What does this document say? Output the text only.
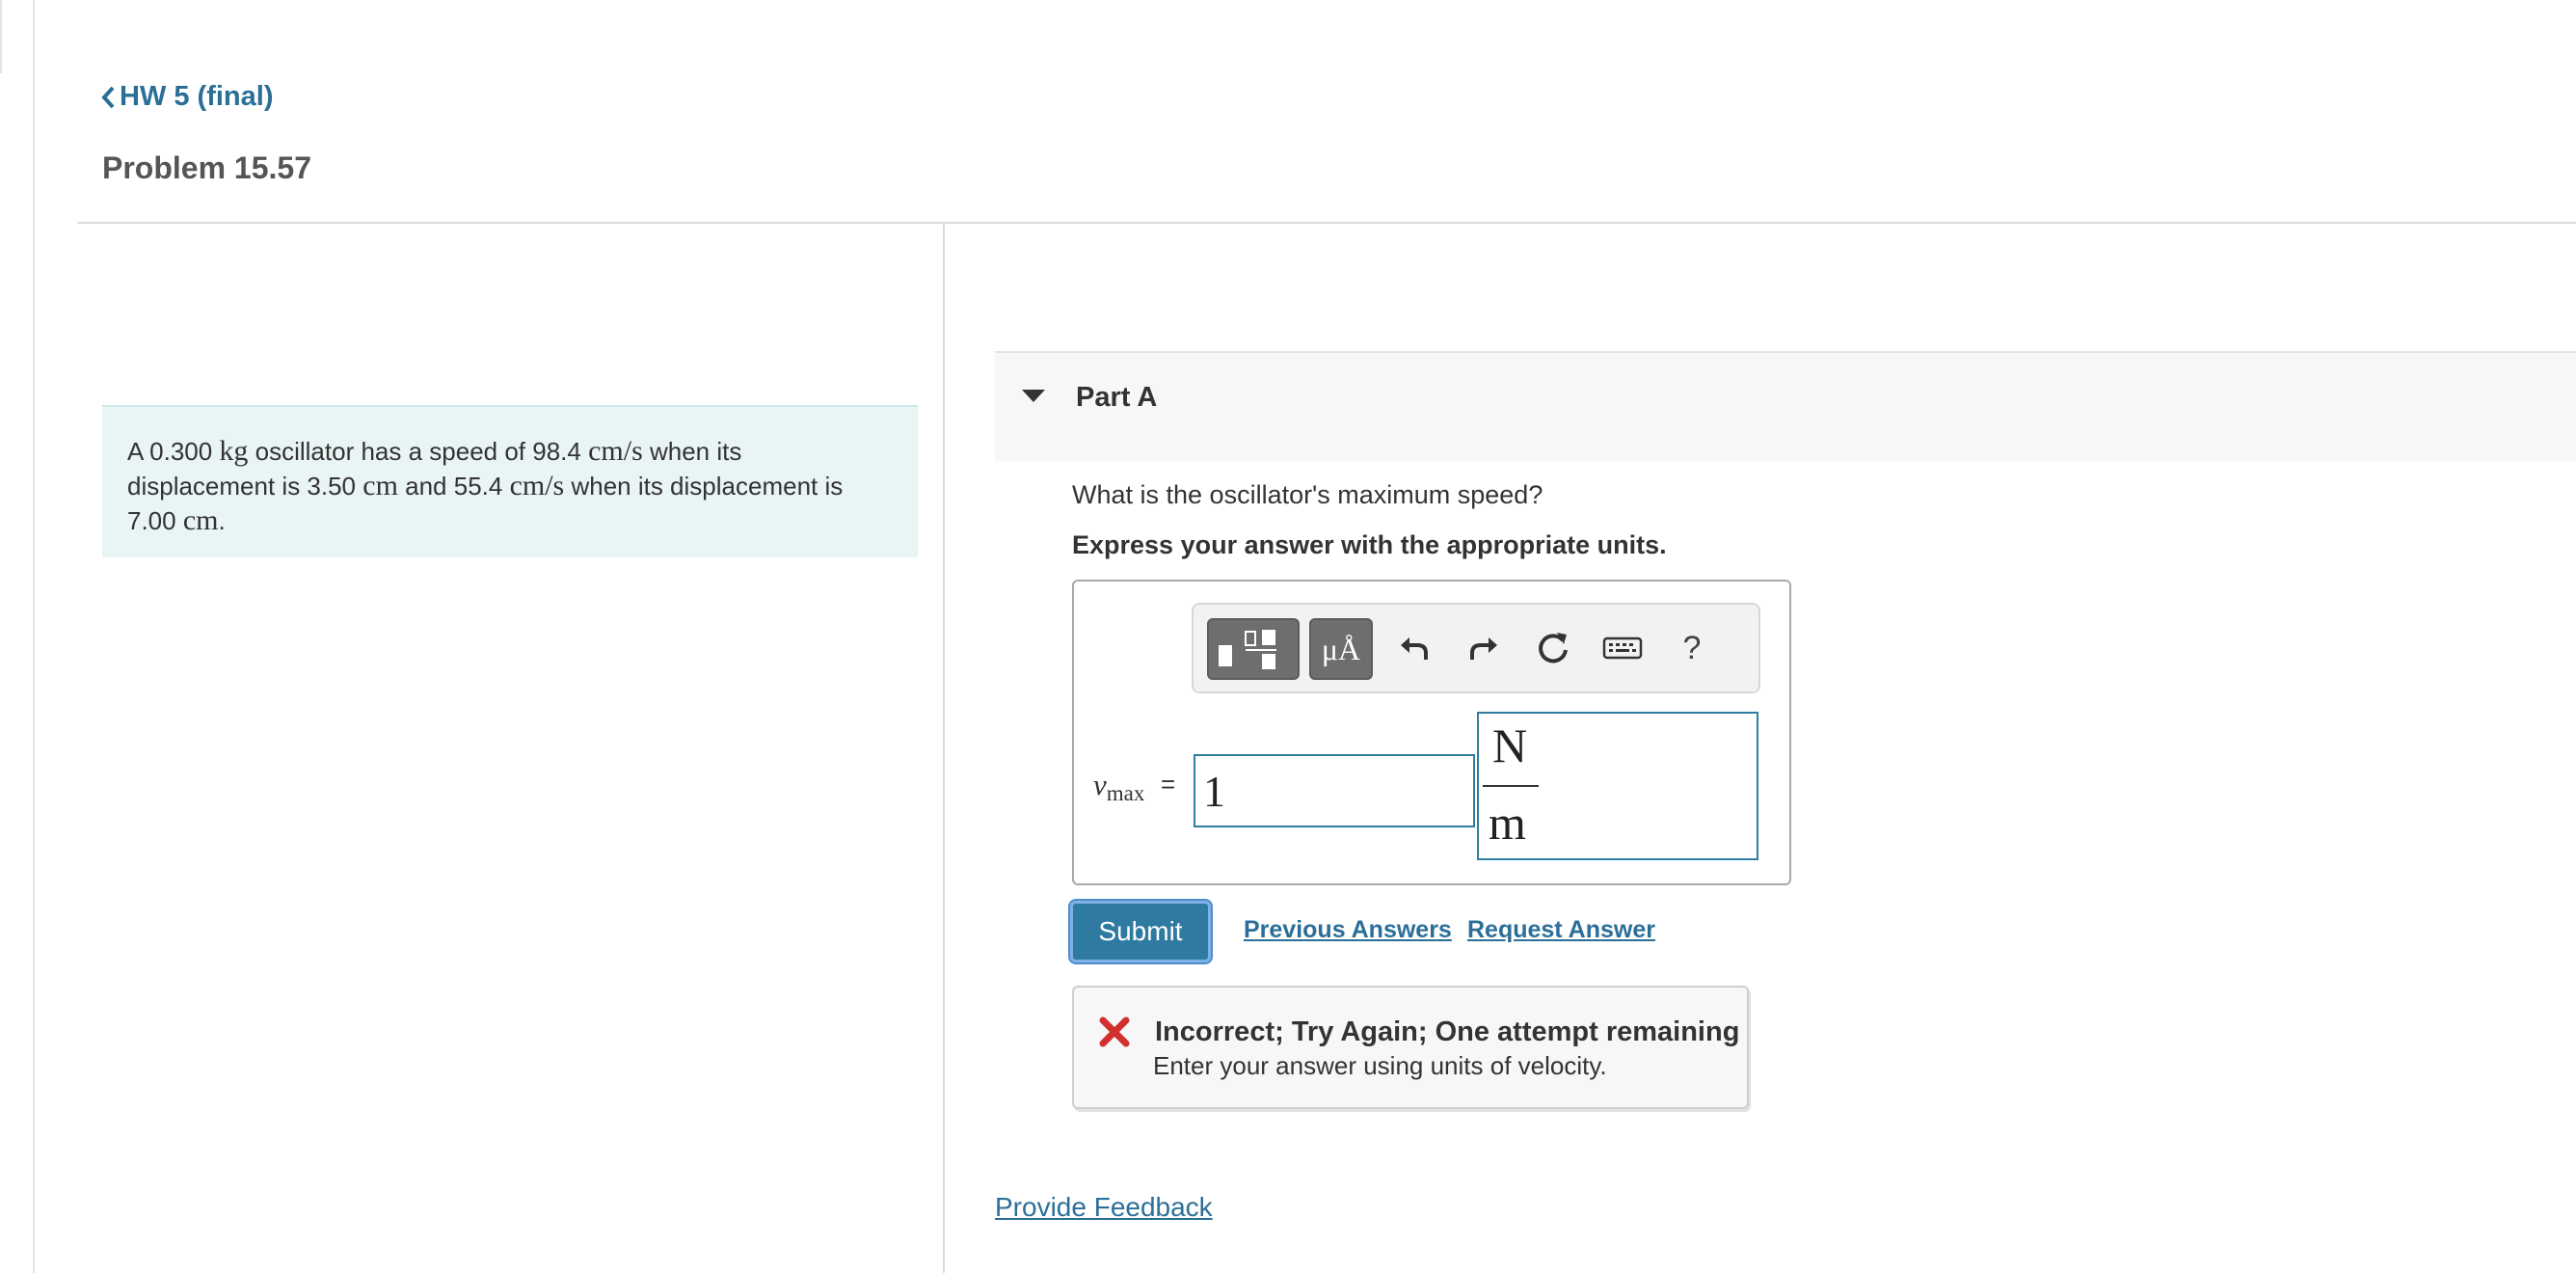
HW 5 (final)
Problem 15.57
A 0.300 kg oscillator has a speed of 98.4 cm/s when its displacement is 3.50 cm and 55.4 cm/s when its displacement is 7.00 cm.
Part A
What is the oscillator's maximum speed?
Express your answer with the appropriate units.
μÅ	?
vmax =
1
N
m
Submit	Previous Answers Request Answer
Incorrect; Try Again; One attempt remaining
Enter your answer using units of velocity.
Provide Feedback
